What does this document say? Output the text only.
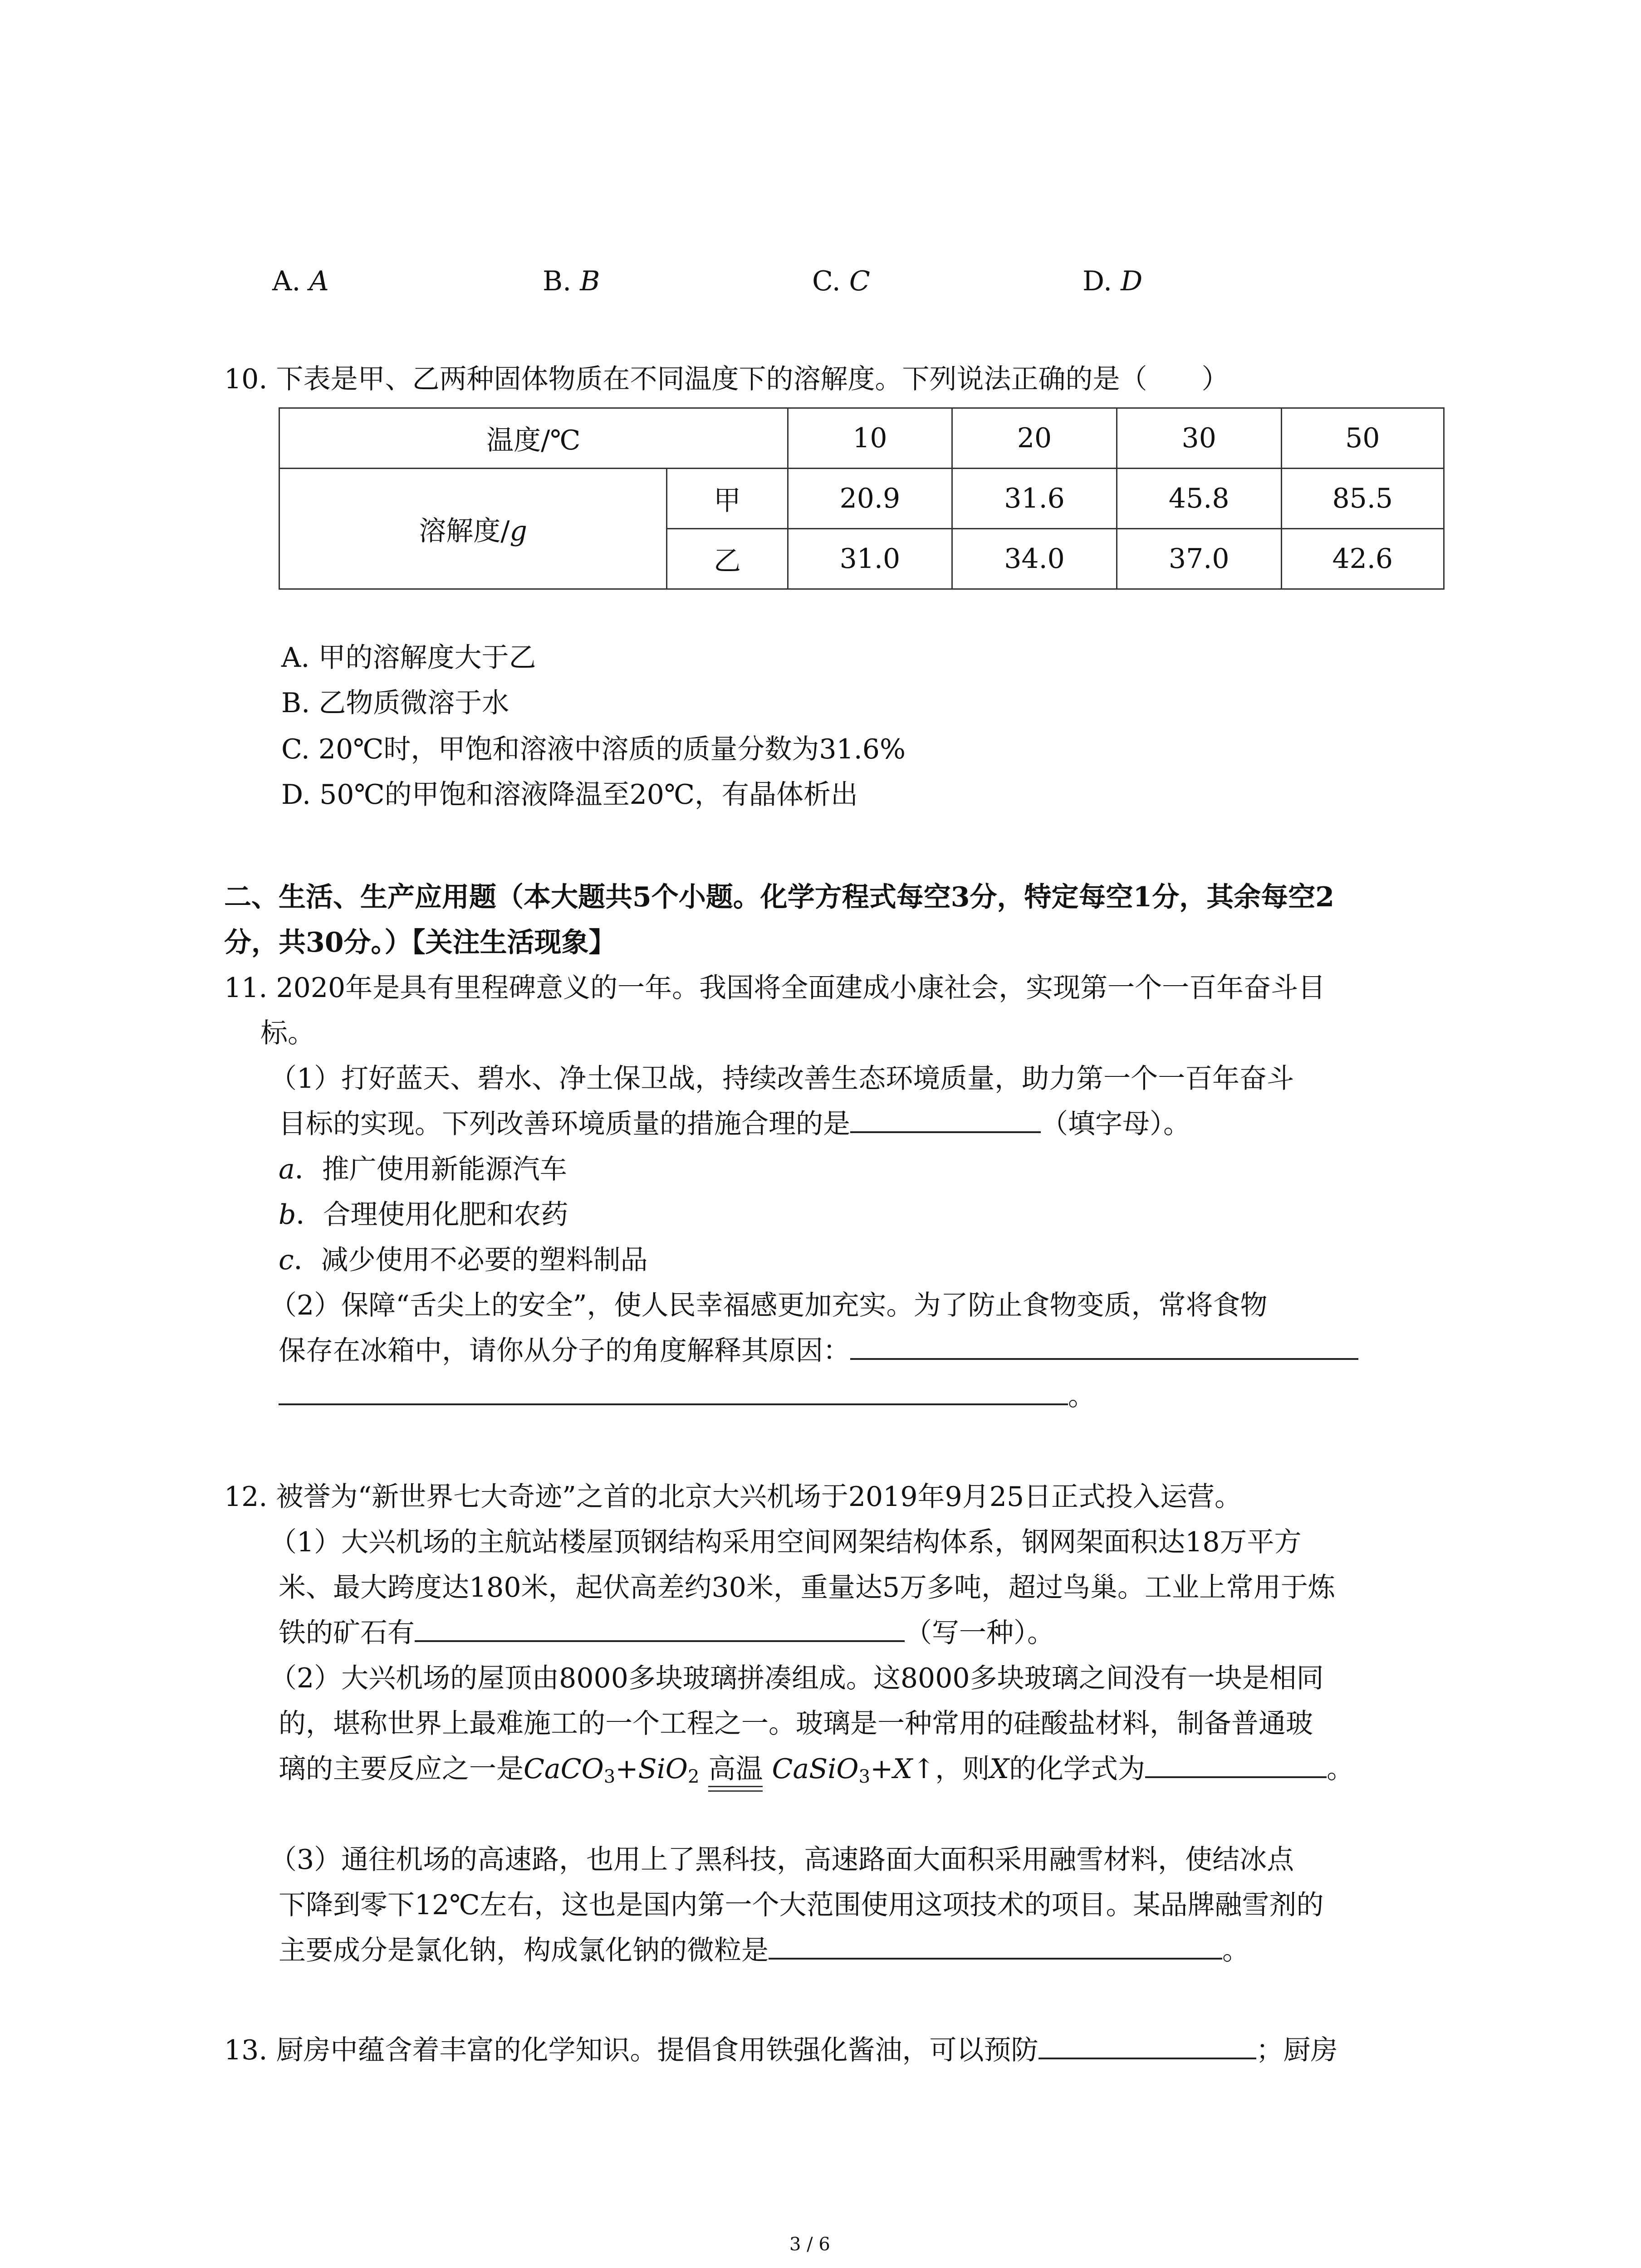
A. A	B. B	C. C	D. D
10. 下表是甲、乙两种固体物质在不同温度下的溶解度。下列说法正确的是（　　）
温度/℃		10	20	30	50
溶解度/g	甲	20.9	31.6	45.8	85.5
	乙	31.0	34.0	37.0	42.6
A. 甲的溶解度大于乙
B. 乙物质微溶于水
C. 20℃时，甲饱和溶液中溶质的质量分数为31.6%
D. 50℃的甲饱和溶液降温至20℃，有晶体析出
二、生活、生产应用题（本大题共5个小题。化学方程式每空3分，特定每空1分，其余每空2
分，共30分。）【关注生活现象】
11. 2020年是具有里程碑意义的一年。我国将全面建成小康社会，实现第一个一百年奋斗目
标。
（1）打好蓝天、碧水、净土保卫战，持续改善生态环境质量，助力第一个一百年奋斗
目标的实现。下列改善环境质量的措施合理的是	（填字母）。
a．推广使用新能源汽车
b．合理使用化肥和农药
c．减少使用不必要的塑料制品
（2）保障“舌尖上的安全”，使人民幸福感更加充实。为了防止食物变质，常将食物
保存在冰箱中，请你从分子的角度解释其原因：
。
12. 被誉为“新世界七大奇迹”之首的北京大兴机场于2019年9月25日正式投入运营。
（1）大兴机场的主航站楼屋顶钢结构采用空间网架结构体系，钢网架面积达18万平方
米、最大跨度达180米，起伏高差约30米，重量达5万多吨，超过鸟巢。工业上常用于炼
铁的矿石有	（写一种）。
（2）大兴机场的屋顶由8000多块玻璃拼凑组成。这8000多块玻璃之间没有一块是相同
的，堪称世界上最难施工的一个工程之一。玻璃是一种常用的硅酸盐材料，制备普通玻
璃的主要反应之一是CaCO$_3$+SiO$_2$ 高温 CaSiO$_3$+X↑，则X的化学式为	。
（3）通往机场的高速路，也用上了黑科技，高速路面大面积采用融雪材料，使结冰点
下降到零下12℃左右，这也是国内第一个大范围使用这项技术的项目。某品牌融雪剂的
主要成分是氯化钠，构成氯化钠的微粒是	。
13. 厨房中蕴含着丰富的化学知识。提倡食用铁强化酱油，可以预防	；厨房
3 / 6
